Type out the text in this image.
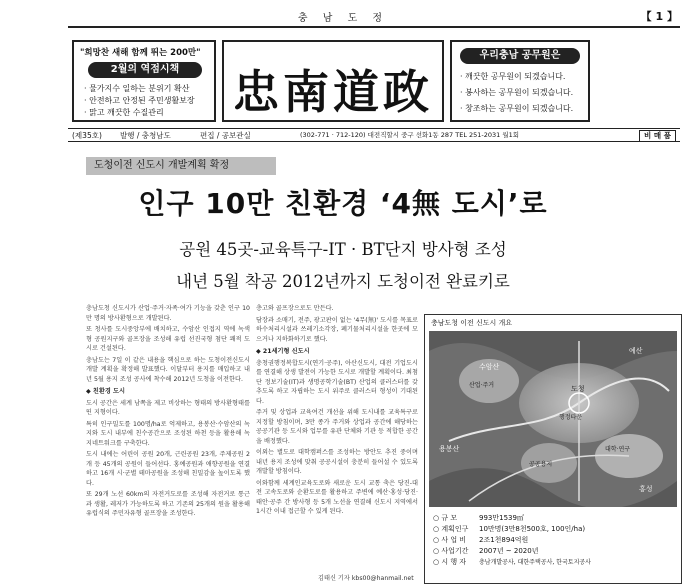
충 남 도 정	【 1 】
"희망찬 새해 함께 뛰는 200만"
2월의 역점시책
· 물가지수 일하는 분위기 확산
· 안전하고 안정된 주민생활보장
· 맑고 깨끗한 수질관리 忠南道政
우리충남 공무원은
· 깨끗한 공무원이 되겠습니다.
· 봉사하는 공무원이 되겠습니다.
· 창조하는 공무원이 되겠습니다.
(제35호) 발행 / 충청남도	편집 / 공보관실	(302-771 · 712-120) 대전직할시 중구 선화1동 287 TEL 251-2031 월1회	비 매 품
도청이전 신도시 개발계획 확정
인구 10만 친환경 ‘4無 도시’로
공원 45곳-교육특구-IT · BT단지 방사형 조성
내년 5월 착공 2012년까지 도청이전 완료키로

충남도청 신도시가 산업·주거·자족·여가 기능을 갖춘 인구 10만 명의 방사환형으로 개발된다.

또 청사를 도시중앙부에 배치하고, 수암산 인접지 역에 녹색형 공원지구와 골프장을 조성해 유럽 선진국형 첨단 쾌적 도시로 건설된다.

충남도는 7일 이 같은 내용을 핵심으로 하는 도청이전신도시 개발 계획을 확정해 발표했다. 이달부터 용지를 매입하고 내년 5월 용지 조성 공사에 착수해 2012년 도청을 이전한다.

◆ 친환경 도시

도시 공간은 세계 남쪽을 제고 비상하는 형태의 방사환형태를 띤 지형이다.

특히 인구밀도를 100명/ha로 억제하고, 용봉산·수암산의 녹지와 도시 내부에 친수공간으로 조성된 하천 등을 활용해 녹지네트워크를 구축한다.

도시 내에는 어린이 공원 20개, 근린공원 23개, 주제공원 2개 등 45개의 공원이 들어선다. 홍예공원과 애향공원을 연결하고 16개 시·군별 테마공원을 조성해 친밀감을 높이도록 했다.

또 29개 노선 60km의 자전거도로를 조성해 자전거로 통근과 생활, 레저가 가능하도록 하고 기존의 25개의 원을 활용해 유럽식의 주민자유형 골프장을 조성한다.

층고와 골프장으로도 만든다.

담장과 소매기, 전주, 광고판이 없는 '4무(無)' 도시를 목표로 하수처리시설과 쓰레기소각장, 폐기물처리시설을 한곳에 모으거나 지하화하기로 했다.

◆ 21세기형 신도시

충청권행정복합도시(연기·공주), 아산신도시, 대전 기업도시를 연결해 상생 발전이 가능한 도시로 개발할 계획이다. 최첨단 정보기술(IT)과 생명공학기술(BT) 산업의 클러스터를 갖추도록 하고 자립하는 도시 위주로 클러스터 형성이 기대된다.

주거 및 상업과 교육여건 개선을 위해 도시내를 교육특구로 지정할 방침이며, 3만 종가 주거와 상업과 공간에 해당하는 공공기관 등 도시와 업무를 유관 단체와 기관 등 적합한 공간을 배정했다.

이외는 별도로 대학캠퍼스를 조성하는 방안도 추진 중이며 내년 용지 조성에 맞춰 공공시설이 충분히 들어설 수 있도록 개발할 방침이다.

이와함께 세계인교육도로와 새로운 도시 교통 축은 당진-대전 고속도로와 순환도로를 활용하고 주변에 예산·홍성·당진·태안·공주 간 방사형 등 5개 노선을 연결해 신도시 지역에서 1시간 이내 접근할 수 있게 된다.

김태신 기자 kbs00@hanmail.net
충남도청 이전 신도시 개요
수암산
용봉산
예산
도청
홍성
행정타운
대학·연구
공공용지
산업·주거
○ 규 모	993만1539㎡
○ 계획인구 10만명(3만8천500호, 100인/ha)
○ 사 업 비 2조1천894억원
○ 사업기간 2007년 ~ 2020년
○ 시 행 자 충남개발공사, 대한주택공사, 한국토지공사
